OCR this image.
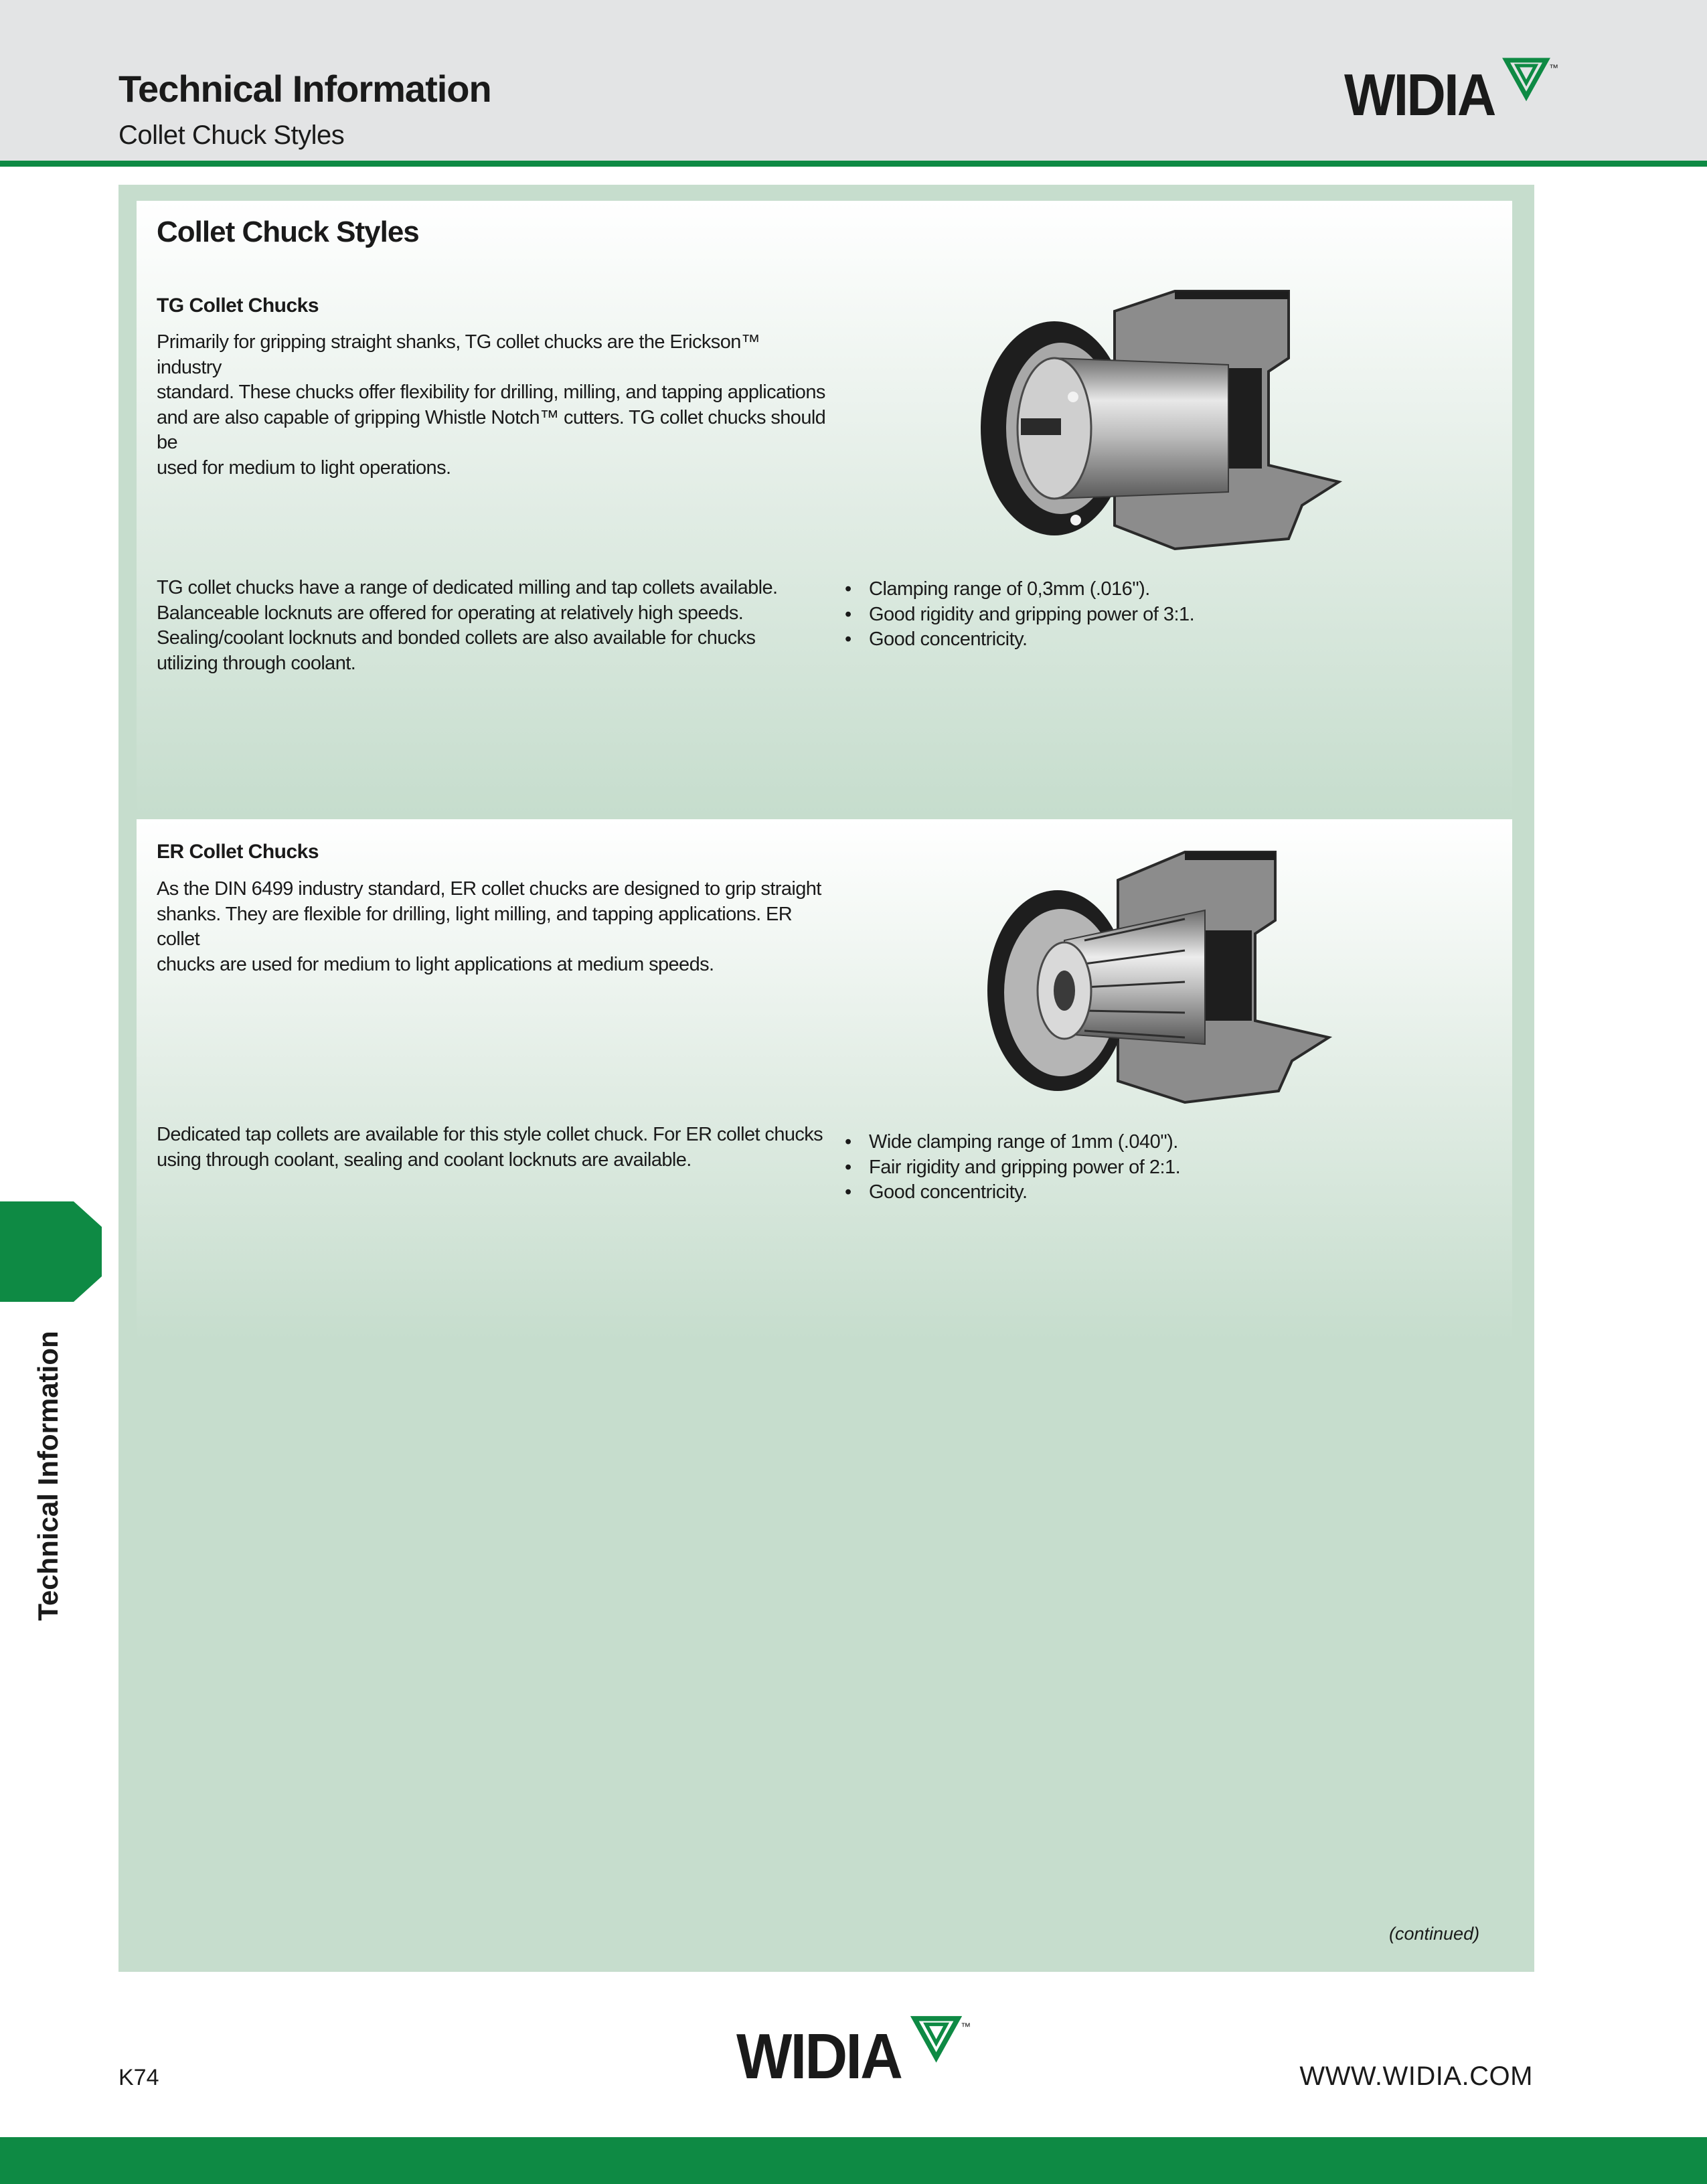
Technical Information
Collet Chuck Styles
WIDIA	™
Collet Chuck Styles
TG Collet Chucks

Primarily for gripping straight shanks, TG collet chucks are the Erickson™ industry
standard. These chucks offer flexibility for drilling, milling, and tapping applications
and are also capable of gripping Whistle Notch™ cutters. TG collet chucks should be
used for medium to light operations.

TG collet chucks have a range of dedicated milling and tap collets available.
Balanceable locknuts are offered for operating at relatively high speeds.
Sealing/coolant locknuts and bonded collets are also available for chucks
utilizing through coolant.

• Clamping range of 0,3mm (.016").
• Good rigidity and gripping power of 3:1.
• Good concentricity.
ER Collet Chucks

As the DIN 6499 industry standard, ER collet chucks are designed to grip straight
shanks. They are flexible for drilling, light milling, and tapping applications. ER collet
chucks are used for medium to light applications at medium speeds.

Dedicated tap collets are available for this style collet chuck. For ER collet chucks
using through coolant, sealing and coolant locknuts are available.

• Wide clamping range of 1mm (.040").
• Fair rigidity and gripping power of 2:1.
• Good concentricity.
(continued)
Technical Information
K74	WIDIA	™
WWW.WIDIA.COM
